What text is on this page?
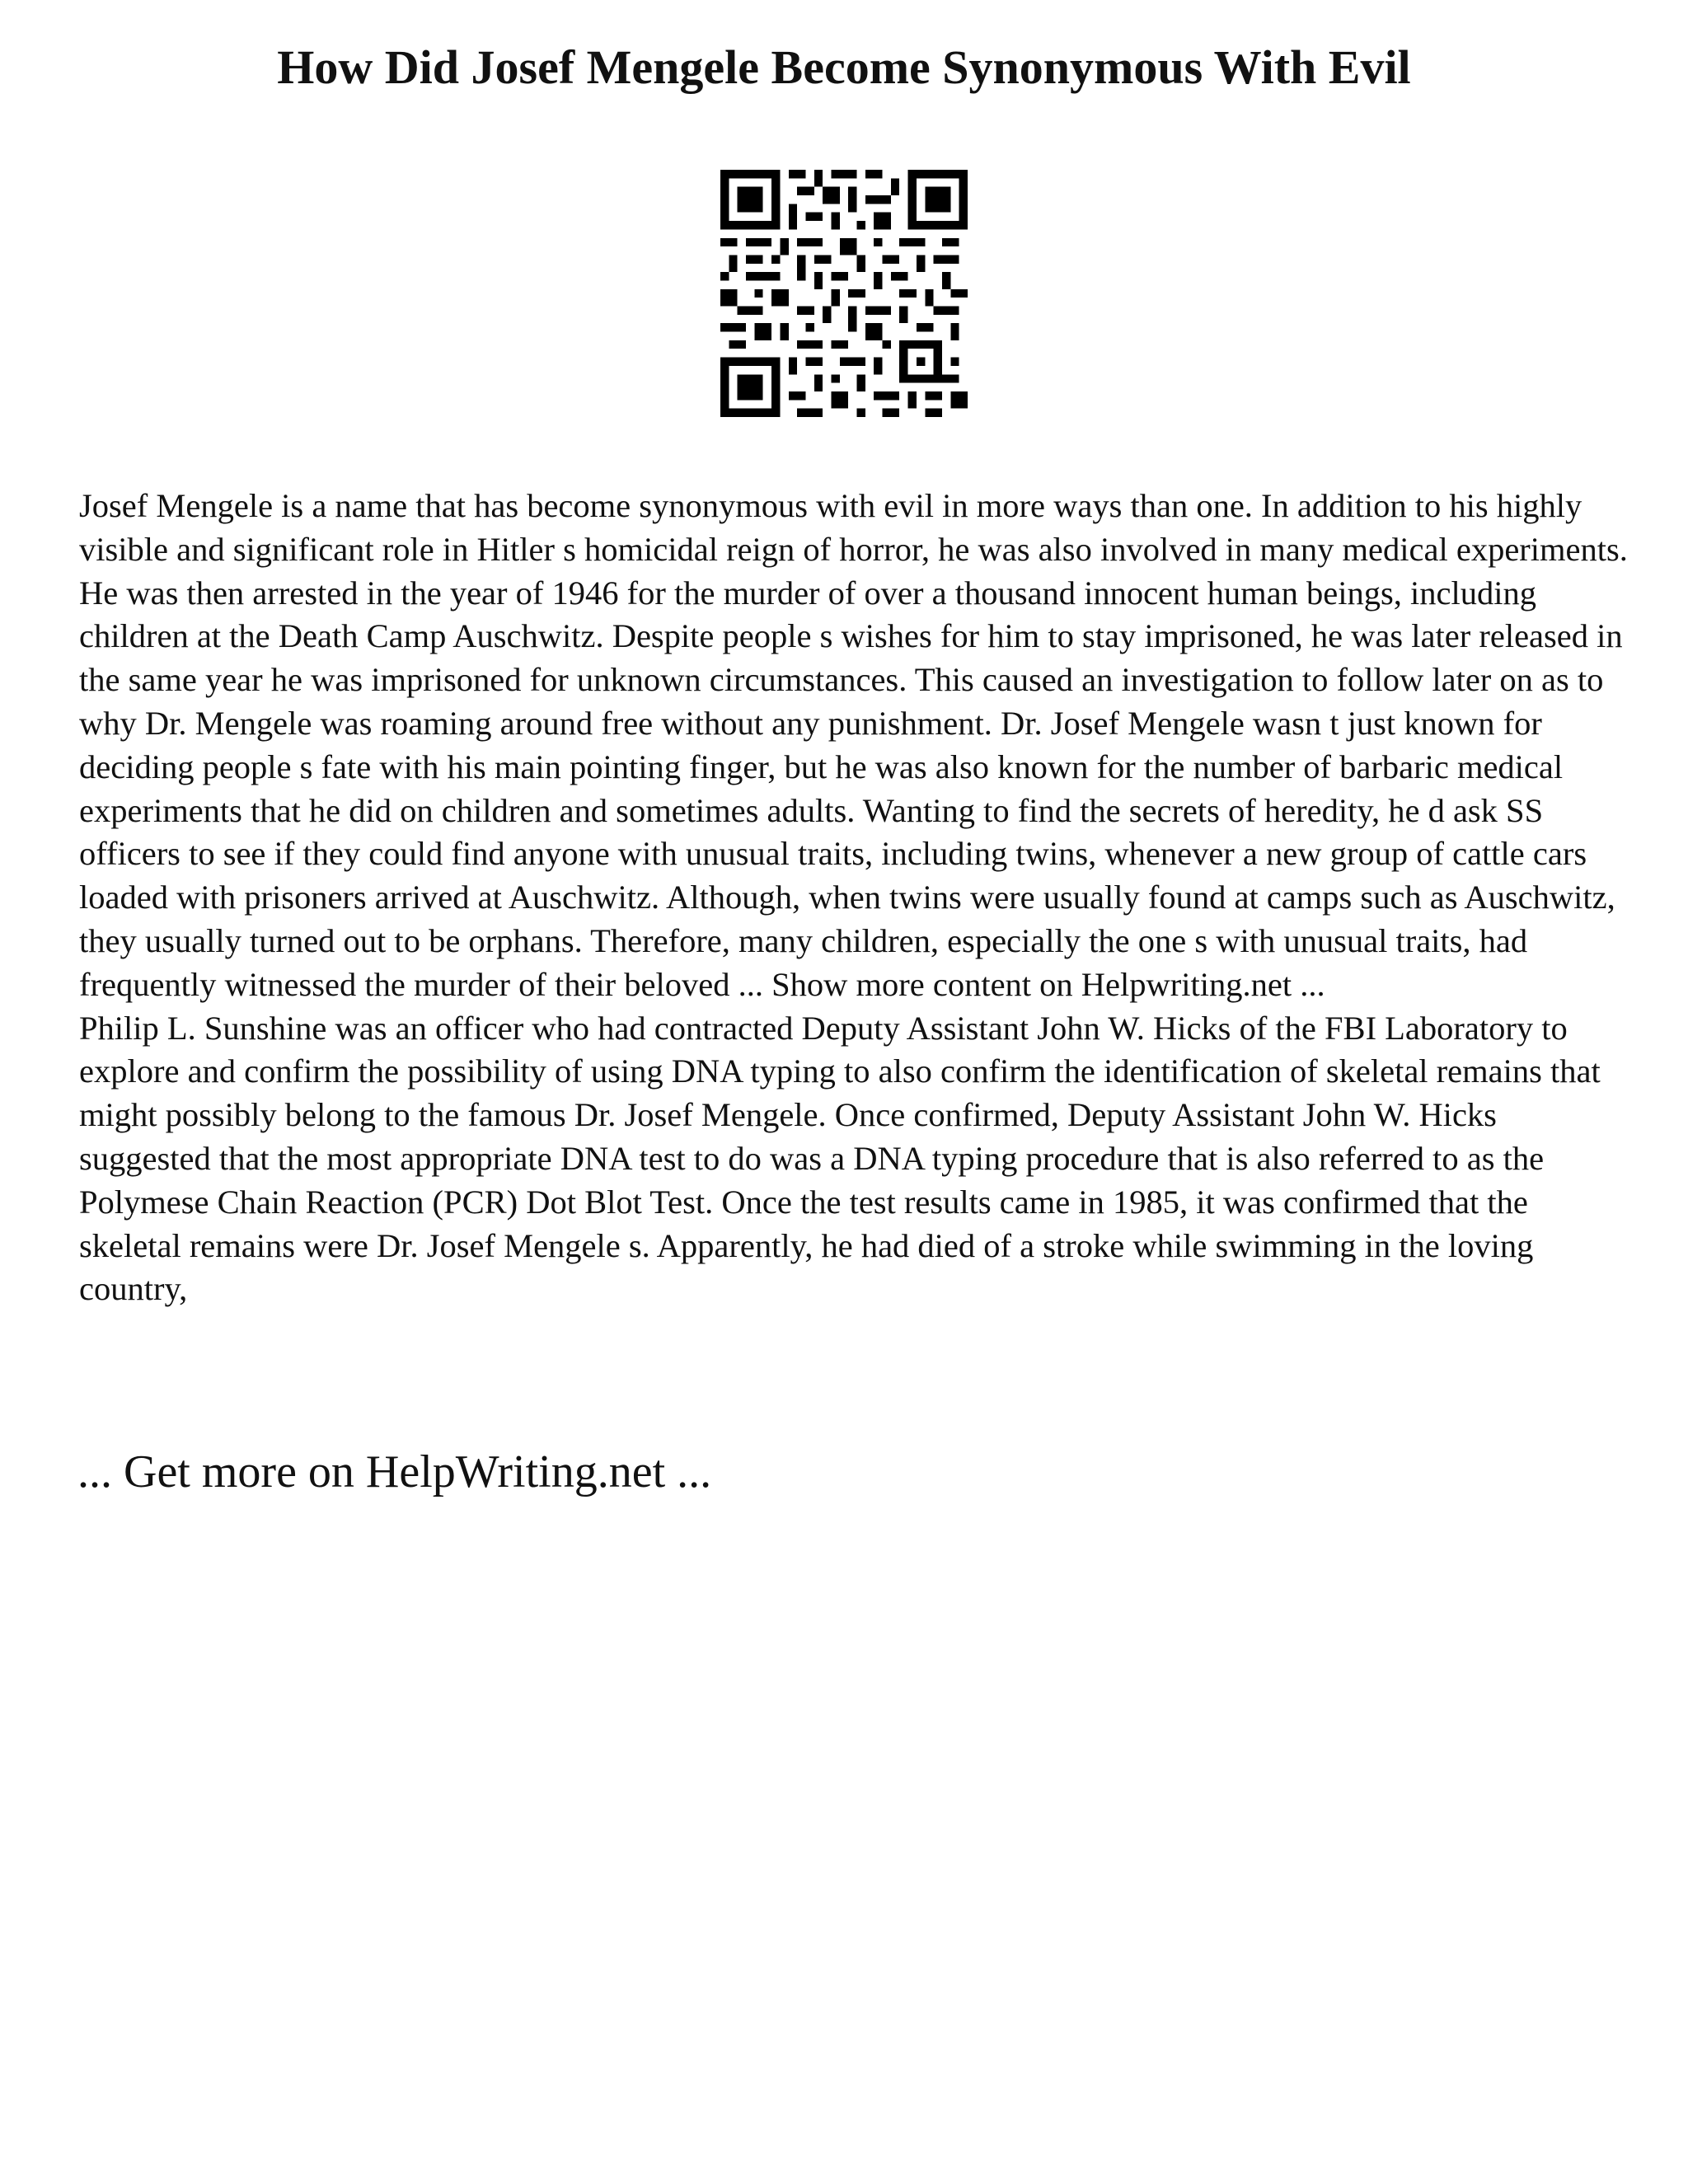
How Did Josef Mengele Become Synonymous With Evil

Josef Mengele is a name that has become synonymous with evil in more ways than one. In addition to his highly visible and significant role in Hitler s homicidal reign of horror, he was also involved in many medical experiments. He was then arrested in the year of 1946 for the murder of over a thousand innocent human beings, including children at the Death Camp Auschwitz. Despite people s wishes for him to stay imprisoned, he was later released in the same year he was imprisoned for unknown circumstances. This caused an investigation to follow later on as to why Dr. Mengele was roaming around free without any punishment. Dr. Josef Mengele wasn t just known for deciding people s fate with his main pointing finger, but he was also known for the number of barbaric medical experiments that he did on children and sometimes adults. Wanting to find the secrets of heredity, he d ask SS officers to see if they could find anyone with unusual traits, including twins, whenever a new group of cattle cars loaded with prisoners arrived at Auschwitz. Although, when twins were usually found at camps such as Auschwitz, they usually turned out to be orphans. Therefore, many children, especially the one s with unusual traits, had frequently witnessed the murder of their beloved ... Show more content on Helpwriting.net ...

Philip L. Sunshine was an officer who had contracted Deputy Assistant John W. Hicks of the FBI Laboratory to explore and confirm the possibility of using DNA typing to also confirm the identification of skeletal remains that might possibly belong to the famous Dr. Josef Mengele. Once confirmed, Deputy Assistant John W. Hicks suggested that the most appropriate DNA test to do was a DNA typing procedure that is also referred to as the Polymese Chain Reaction (PCR) Dot Blot Test. Once the test results came in 1985, it was confirmed that the skeletal remains were Dr. Josef Mengele s. Apparently, he had died of a stroke while swimming in the loving country,

... Get more on HelpWriting.net ...
